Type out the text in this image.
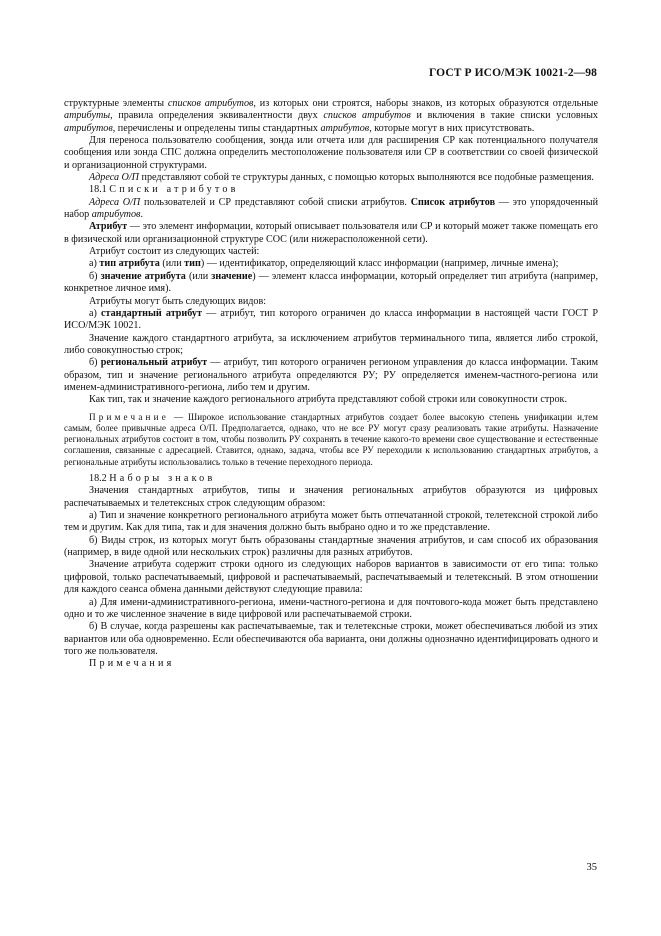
ГОСТ Р ИСО/МЭК 10021-2—98

структурные элементы списков атрибутов, из которых они строятся, наборы знаков, из которых образуются отдельные атрибуты, правила определения эквивалентности двух списков атрибутов и включения в такие списки условных атрибутов, перечислены и определены типы стандартных атрибутов, которые могут в них присутствовать.

Для переноса пользователю сообщения, зонда или отчета или для расширения СР как потенциального получателя сообщения или зонда СПС должна определить местоположение пользователя или СР в соответствии со своей физической и организационной структурами.

Адреса О/П представляют собой те структуры данных, с помощью которых выполняются все подобные размещения.

18.1 Списки атрибутов

Адреса О/П пользователей и СР представляют собой списки атрибутов. Список атрибутов — это упорядоченный набор атрибутов.

Атрибут — это элемент информации, который описывает пользователя или СР и который может также помещать его в физической или организационной структуре СОС (или нижерасположенной сети).

Атрибут состоит из следующих частей:

а) тип атрибута (или тип) — идентификатор, определяющий класс информации (например, личные имена);

б) значение атрибута (или значение) — элемент класса информации, который определяет тип атрибута (например, конкретное личное имя).

Атрибуты могут быть следующих видов:

а) стандартный атрибут — атрибут, тип которого ограничен до класса информации в настоящей части ГОСТ Р ИСО/МЭК 10021.

Значение каждого стандартного атрибута, за исключением атрибутов терминального типа, является либо строкой, либо совокупностью строк;

б) региональный атрибут — атрибут, тип которого ограничен регионом управления до класса информации. Таким образом, тип и значение регионального атрибута определяются РУ; РУ определяется именем-частного-региона или именем-административного-региона, либо тем и другим.

Как тип, так и значение каждого регионального атрибута представляют собой строки или совокупности строк.

Примечание — Широкое использование стандартных атрибутов создает более высокую степень унификации и,тем самым, более привычные адреса О/П. Предполагается, однако, что не все РУ могут сразу реализовать такие атрибуты. Назначение региональных атрибутов состоит в том, чтобы позволить РУ сохранять в течение какого-то времени свое существование и естественные соглашения, связанные с адресацией. Ставится, однако, задача, чтобы все РУ переходили к использованию стандартных атрибутов, а региональные атрибуты использовались только в течение переходного периода.

18.2 Наборы знаков

Значения стандартных атрибутов, типы и значения региональных атрибутов образуются из цифровых распечатываемых и телетексных строк следующим образом:

а) Тип и значение конкретного регионального атрибута может быть отпечатанной строкой, телетексной строкой либо тем и другим. Как для типа, так и для значения должно быть выбрано одно и то же представление.

б) Виды строк, из которых могут быть образованы стандартные значения атрибутов, и сам способ их образования (например, в виде одной или нескольких строк) различны для разных атрибутов.

Значение атрибута содержит строки одного из следующих наборов вариантов в зависимости от его типа: только цифровой, только распечатываемый, цифровой и распечатываемый, распечатываемый и телетексный. В этом отношении для каждого сеанса обмена данными действуют следующие правила:

а) Для имени-административного-региона, имени-частного-региона и для почтового-кода может быть представлено одно и то же численное значение в виде цифровой или распечатываемой строки.

б) В случае, когда разрешены как распечатываемые, так и телетексные строки, может обеспечиваться любой из этих вариантов или оба одновременно. Если обеспечиваются оба варианта, они должны однозначно идентифицировать одного и того же пользователя.

Примечания

35
